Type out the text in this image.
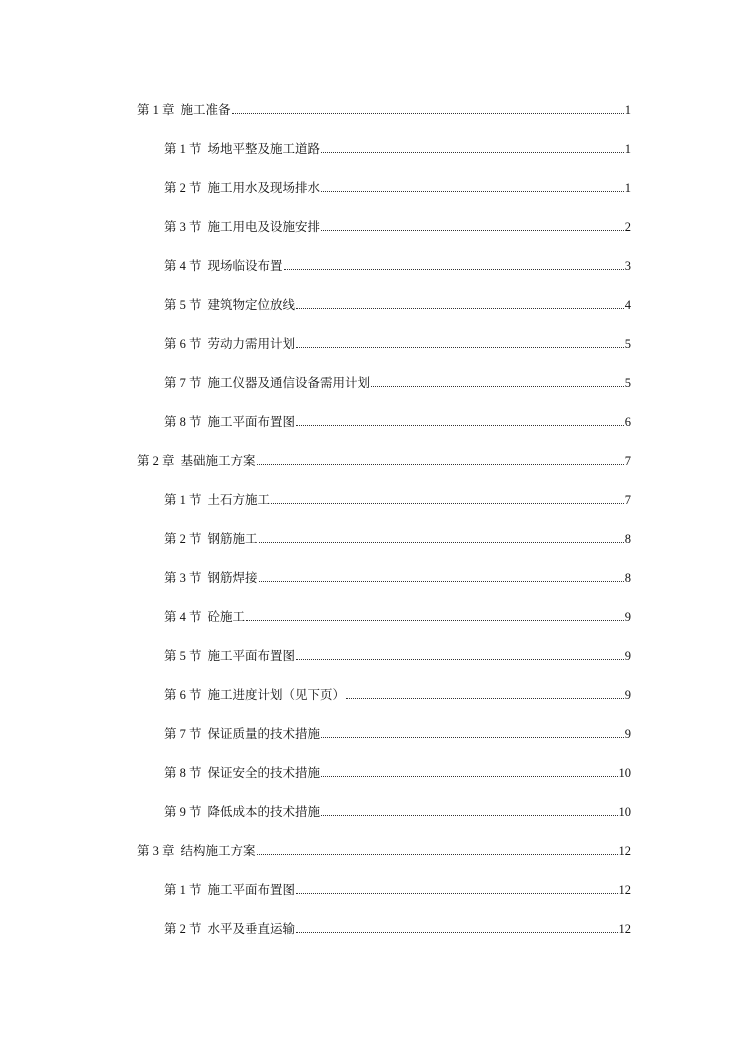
第 1 章 施工准备	1
第 1 节 场地平整及施工道路	1
第 2 节 施工用水及现场排水	1
第 3 节 施工用电及设施安排	2
第 4 节 现场临设布置	3
第 5 节 建筑物定位放线	4
第 6 节 劳动力需用计划	5
第 7 节 施工仪器及通信设备需用计划	5
第 8 节 施工平面布置图	6
第 2 章 基础施工方案	7
第 1 节 土石方施工	7
第 2 节 钢筋施工	8
第 3 节 钢筋焊接	8
第 4 节 砼施工	9
第 5 节 施工平面布置图	9
第 6 节 施工进度计划（见下页）	9
第 7 节 保证质量的技术措施	9
第 8 节 保证安全的技术措施	10
第 9 节 降低成本的技术措施	10
第 3 章 结构施工方案	12
第 1 节 施工平面布置图	12
第 2 节 水平及垂直运输	12
